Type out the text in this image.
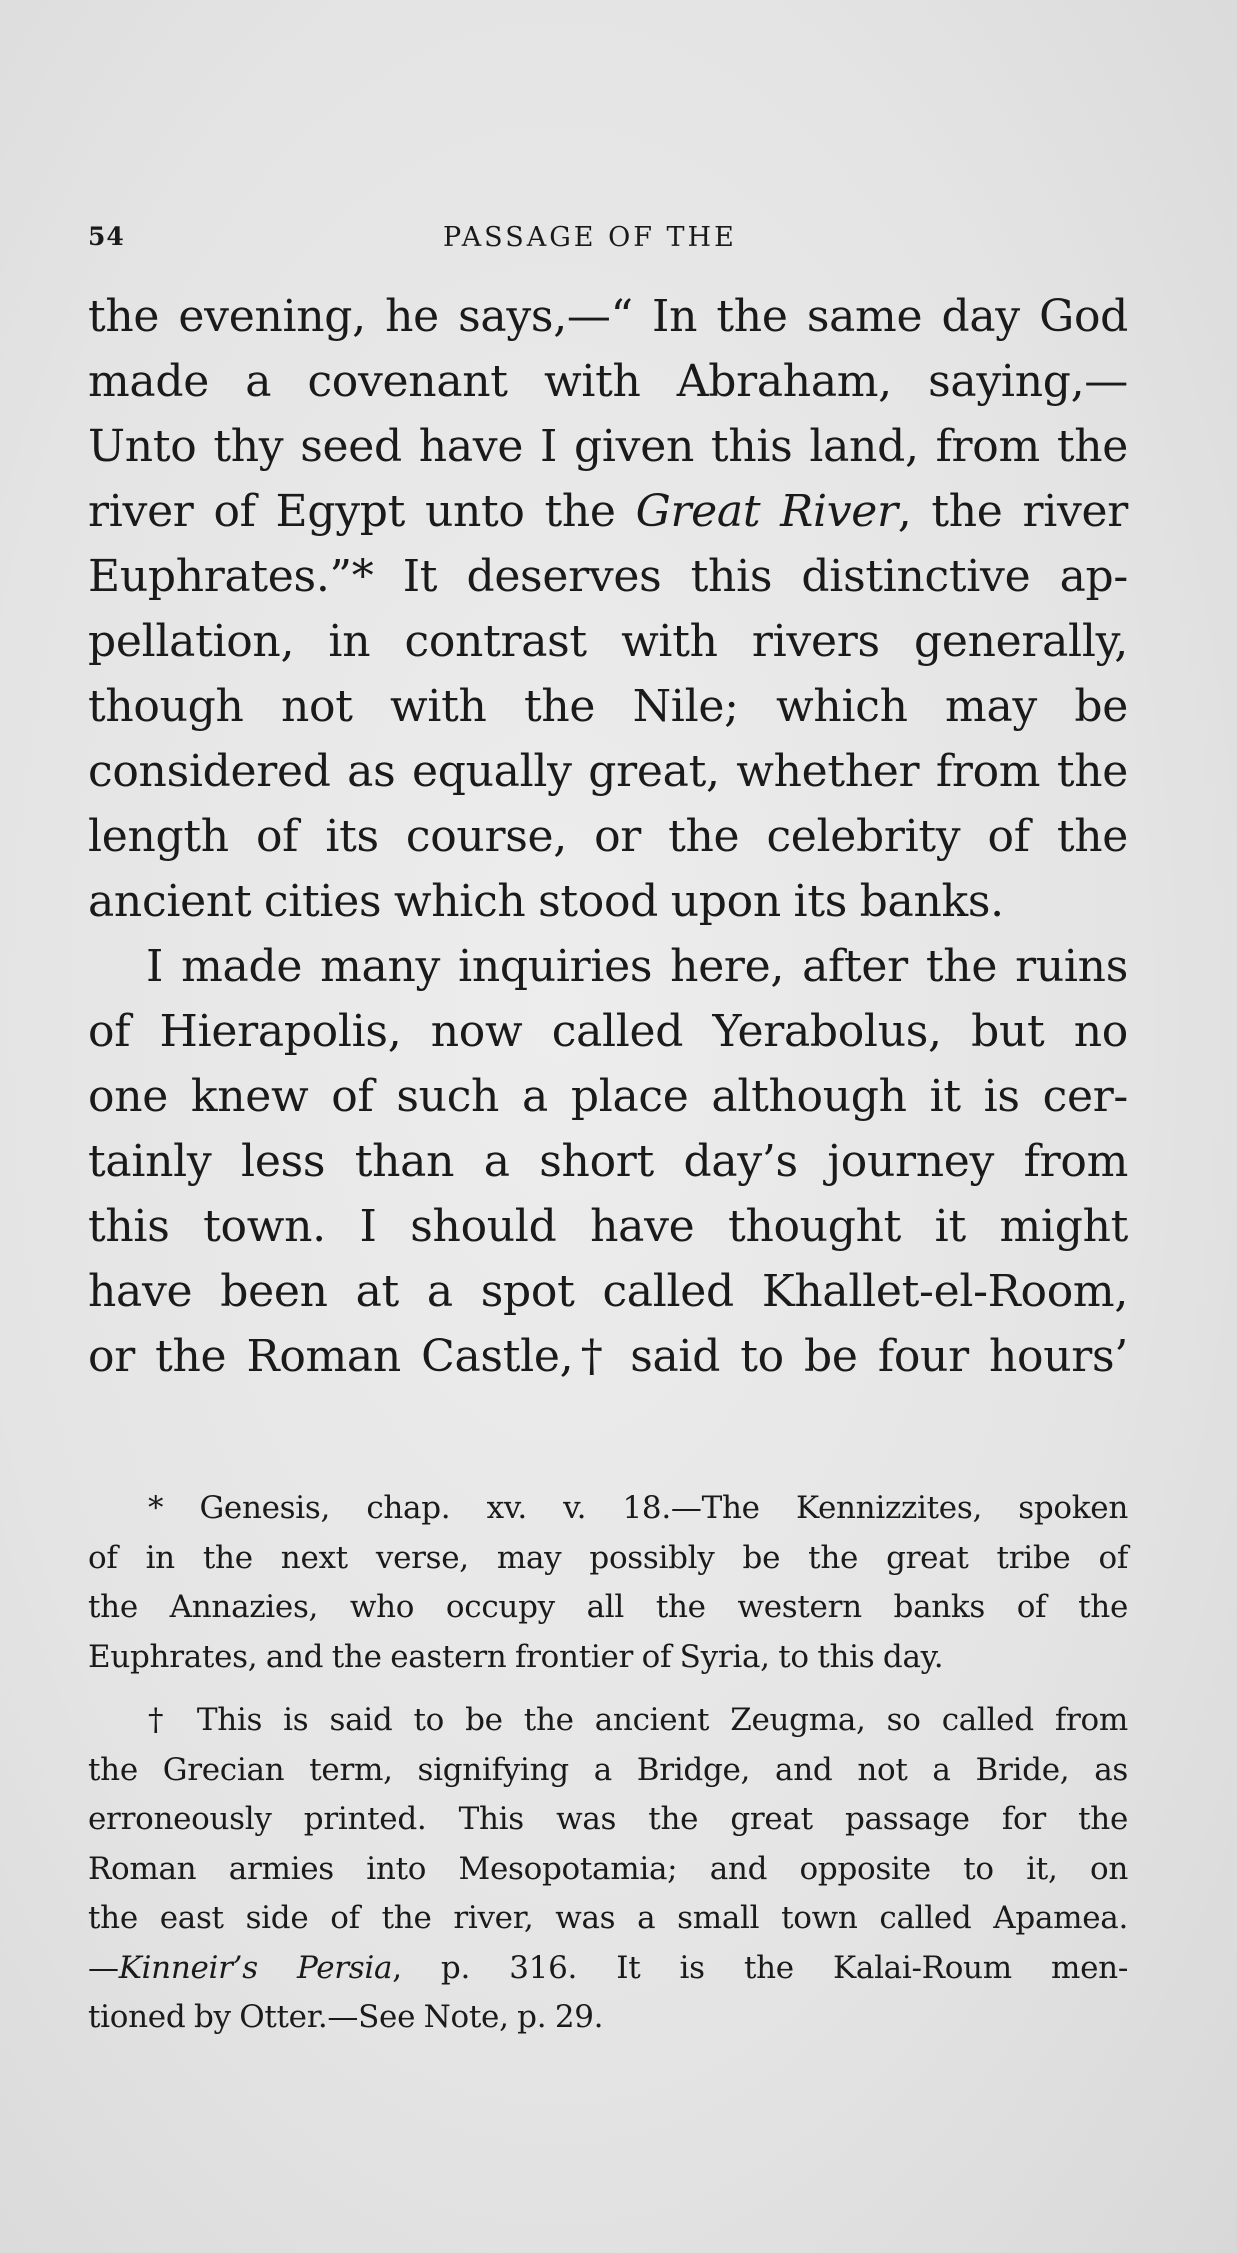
54	PASSAGE OF THE
the evening, he says,—“ In the same day God
made a covenant with Abraham, saying,—
Unto thy seed have I given this land, from the
river of Egypt unto the Great River, the river
Euphrates.”* It deserves this distinctive ap-
pellation, in contrast with rivers generally,
though not with the Nile; which may be
considered as equally great, whether from the
length of its course, or the celebrity of the
ancient cities which stood upon its banks.
I made many inquiries here, after the ruins
of Hierapolis, now called Yerabolus, but no
one knew of such a place although it is cer-
tainly less than a short day’s journey from
this town. I should have thought it might
have been at a spot called Khallet-el-Room,
or the Roman Castle,† said to be four hours’
* Genesis, chap. xv. v. 18.—The Kennizzites, spoken
of in the next verse, may possibly be the great tribe of
the Annazies, who occupy all the western banks of the
Euphrates, and the eastern frontier of Syria, to this day.
† This is said to be the ancient Zeugma, so called from
the Grecian term, signifying a Bridge, and not a Bride, as
erroneously printed. This was the great passage for the
Roman armies into Mesopotamia; and opposite to it, on
the east side of the river, was a small town called Apamea.
—Kinneir’s Persia, p. 316. It is the Kalai-Roum men-
tioned by Otter.—See Note, p. 29.
